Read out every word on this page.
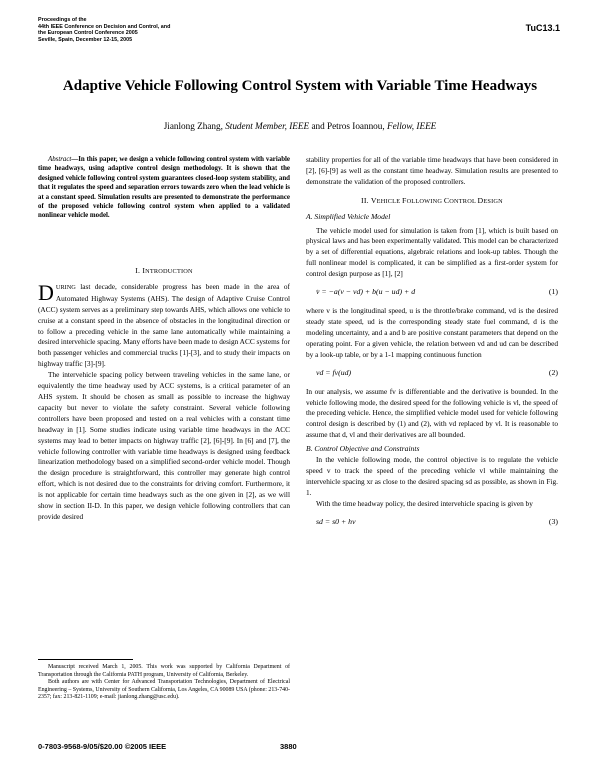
Proceedings of the
44th IEEE Conference on Decision and Control, and
the European Control Conference 2005
Seville, Spain, December 12-15, 2005
TuC13.1
Adaptive Vehicle Following Control System with Variable Time Headways
Jianlong Zhang, Student Member, IEEE and Petros Ioannou, Fellow, IEEE

Abstract—In this paper, we design a vehicle following control system with variable time headways, using adaptive control design methodology. It is shown that the designed vehicle following control system guarantees closed-loop system stability, and that it regulates the speed and separation errors towards zero when the lead vehicle is at a constant speed. Simulation results are presented to demonstrate the performance of the proposed vehicle following control system when applied to a validated nonlinear vehicle model.

I. INTRODUCTION

DURING last decade, considerable progress has been made in the area of Automated Highway Systems (AHS). The design of Adaptive Cruise Control (ACC) system serves as a preliminary step towards AHS, which allows one vehicle to cruise at a constant speed in the absence of obstacles in the longitudinal direction or to follow a preceding vehicle in the same lane automatically while maintaining a desired intervehicle spacing. Many efforts have been made to design ACC systems for both passenger vehicles and commercial trucks [1]-[3], and to study their impacts on highway traffic [3]-[9].

The intervehicle spacing policy between traveling vehicles in the same lane, or equivalently the time headway used by ACC systems, is a critical parameter of an AHS system. It should be chosen as small as possible to increase the highway capacity but never to violate the safety constraint. Several vehicle following controllers have been proposed and tested on a real vehicles with a constant time headway in [1]. Some studies indicate using variable time headways in the ACC systems may lead to better impacts on highway traffic [2], [6]-[9]. In [6] and [7], the vehicle following controller with variable time headways is designed using feedback linearization methodology based on a simplified second-order vehicle model. Though the design procedure is straightforward, this controller may generate high control effort, which is not desired due to the constraints for driving comfort. Furthermore, it is not applicable for certain time headways such as the one given in [2], as we will show in section II-D. In this paper, we design vehicle following controllers that can provide desired

Manuscript received March 1, 2005. This work was supported by California Department of Transportation through the California PATH program, University of California, Berkeley.

Both authors are with Center for Advanced Transportation Technologies, Department of Electrical Engineering – Systems, University of Southern California, Los Angeles, CA 90089 USA (phone: 213-740-2357; fax: 213-821-1109; e-mail: jianlong.zhang@usc.edu).

stability properties for all of the variable time headways that have been considered in [2], [6]-[9] as well as the constant time headway. Simulation results are presented to demonstrate the validation of the proposed controllers.

II. VEHICLE FOLLOWING CONTROL DESIGN

A. Simplified Vehicle Model

The vehicle model used for simulation is taken from [1], which is built based on physical laws and has been experimentally validated. This model can be characterized by a set of differential equations, algebraic relations and look-up tables. Though the full nonlinear model is complicated, it can be simplified as a first-order system for control design purpose as [1], [2]

v̇ = −a(v − vd) + b(u − ud) + d	(1)

where v is the longitudinal speed, u is the throttle/brake command, vd is the desired steady state speed, ud is the corresponding steady state fuel command, d is the modeling uncertainty, and a and b are positive constant parameters that depend on the operating point. For a given vehicle, the relation between vd and ud can be described by a look-up table, or by a 1-1 mapping continuous function

vd = fv(ud)	(2)

In our analysis, we assume fv is differentiable and the derivative is bounded. In the vehicle following mode, the desired speed for the following vehicle is vl, the speed of the preceding vehicle. Hence, the simplified vehicle model used for vehicle following control design is described by (1) and (2), with vd replaced by vl. It is reasonable to assume that d, vl and their derivatives are all bounded.

B. Control Objective and Constraints

In the vehicle following mode, the control objective is to regulate the vehicle speed v to track the speed of the preceding vehicle vl while maintaining the intervehicle spacing xr as close to the desired spacing sd as possible, as shown in Fig. 1.

With the time headway policy, the desired intervehicle spacing is given by

sd = s0 + hv	(3)
0-7803-9568-9/05/$20.00 ©2005 IEEE	3880
